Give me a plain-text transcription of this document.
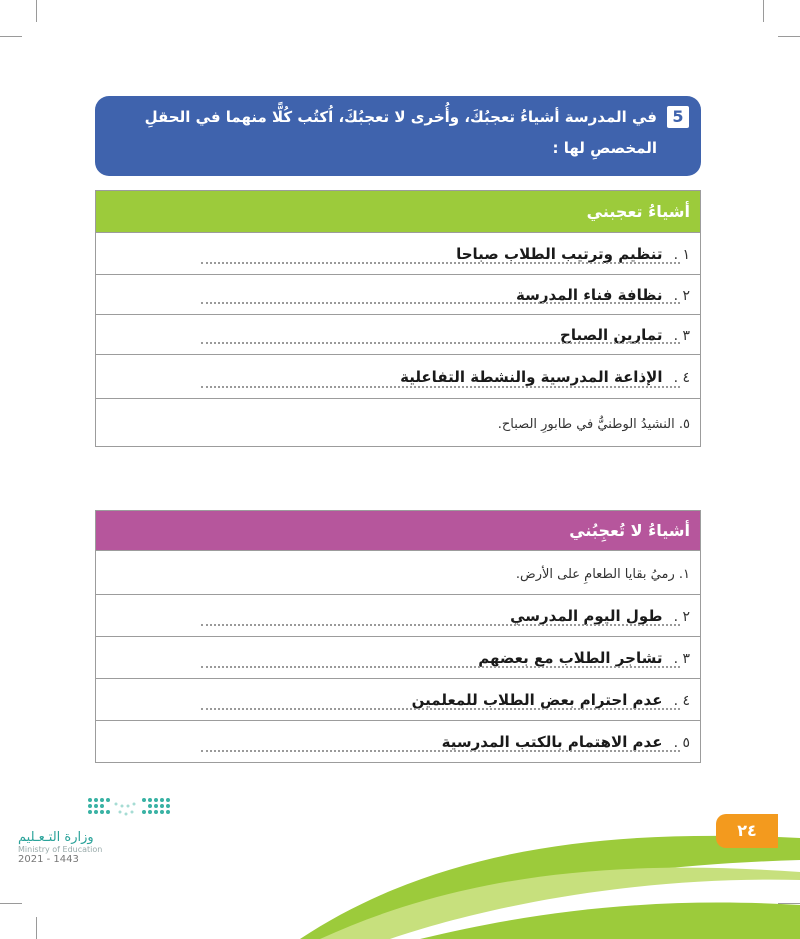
5
في المدرسة أشياءُ تعجبُكَ، وأُخرى لا تعجبُكَ، اُكتُب كُلًّا منهما في الحقلِ المخصصِ لها :
أشياءُ تعجبني
١ . تنظيم وترتيب الطلاب صباحا

٢ . نظافة فناء المدرسة

٣ . تمارين الصباح

٤ . الإذاعة المدرسية والنشطة التفاعلية

٥. النشيدُ الوطنيُّ في طابورِ الصباح.
أشياءُ لا تُعجِبُني
١. رميُ بقايا الطعامِ على الأرض.
٢ . طول اليوم المدرسي

٣ . تشاجر الطلاب مع بعضهم

٤ . عدم احترام بعض الطلاب للمعلمين

٥ . عدم الاهتمام بالكتب المدرسية
وزارة التـعـليم
Ministry of Education
2021 - 1443
٢٤
